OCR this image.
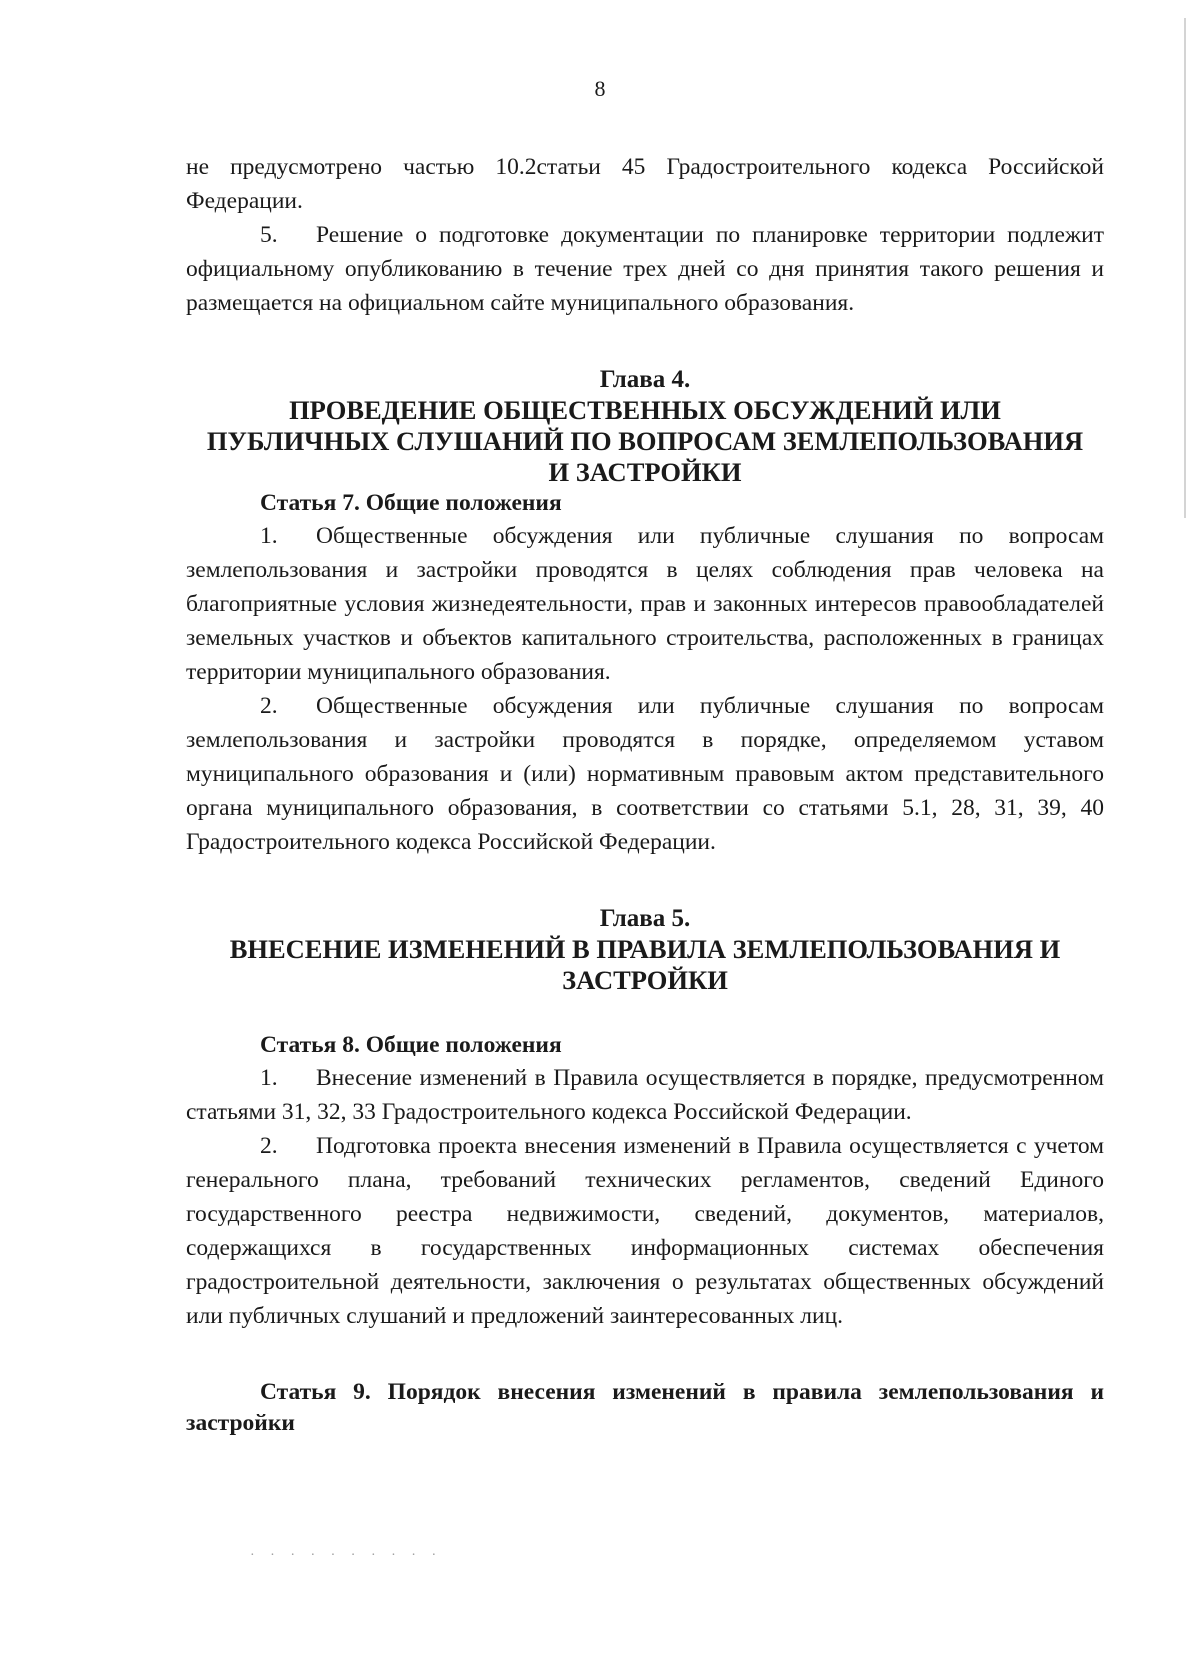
8

не предусмотрено частью 10.2статьи 45 Градостроительного кодекса Российской Федерации.

5. Решение о подготовке документации по планировке территории подлежит официальному опубликованию в течение трех дней со дня принятия такого решения и размещается на официальном сайте муниципального образования.

Глава 4.
ПРОВЕДЕНИЕ ОБЩЕСТВЕННЫХ ОБСУЖДЕНИЙ ИЛИ
ПУБЛИЧНЫХ СЛУШАНИЙ ПО ВОПРОСАМ ЗЕМЛЕПОЛЬЗОВАНИЯ
И ЗАСТРОЙКИ
Статья 7. Общие положения

1. Общественные обсуждения или публичные слушания по вопросам землепользования и застройки проводятся в целях соблюдения прав человека на благоприятные условия жизнедеятельности, прав и законных интересов правообладателей земельных участков и объектов капитального строительства, расположенных в границах территории муниципального образования.

2. Общественные обсуждения или публичные слушания по вопросам землепользования и застройки проводятся в порядке, определяемом уставом муниципального образования и (или) нормативным правовым актом представительного органа муниципального образования, в соответствии со статьями 5.1, 28, 31, 39, 40 Градостроительного кодекса Российской Федерации.

Глава 5.
ВНЕСЕНИЕ ИЗМЕНЕНИЙ В ПРАВИЛА ЗЕМЛЕПОЛЬЗОВАНИЯ И
ЗАСТРОЙКИ
Статья 8. Общие положения

1. Внесение изменений в Правила осуществляется в порядке, предусмотренном статьями 31, 32, 33 Градостроительного кодекса Российской Федерации.

2. Подготовка проекта внесения изменений в Правила осуществляется с учетом генерального плана, требований технических регламентов, сведений Единого государственного реестра недвижимости, сведений, документов, материалов, содержащихся в государственных информационных системах обеспечения градостроительной деятельности, заключения о результатах общественных обсуждений или публичных слушаний и предложений заинтересованных лиц.

Статья 9. Порядок внесения изменений в правила землепользования и застройки
· · · · · · · · · ·
